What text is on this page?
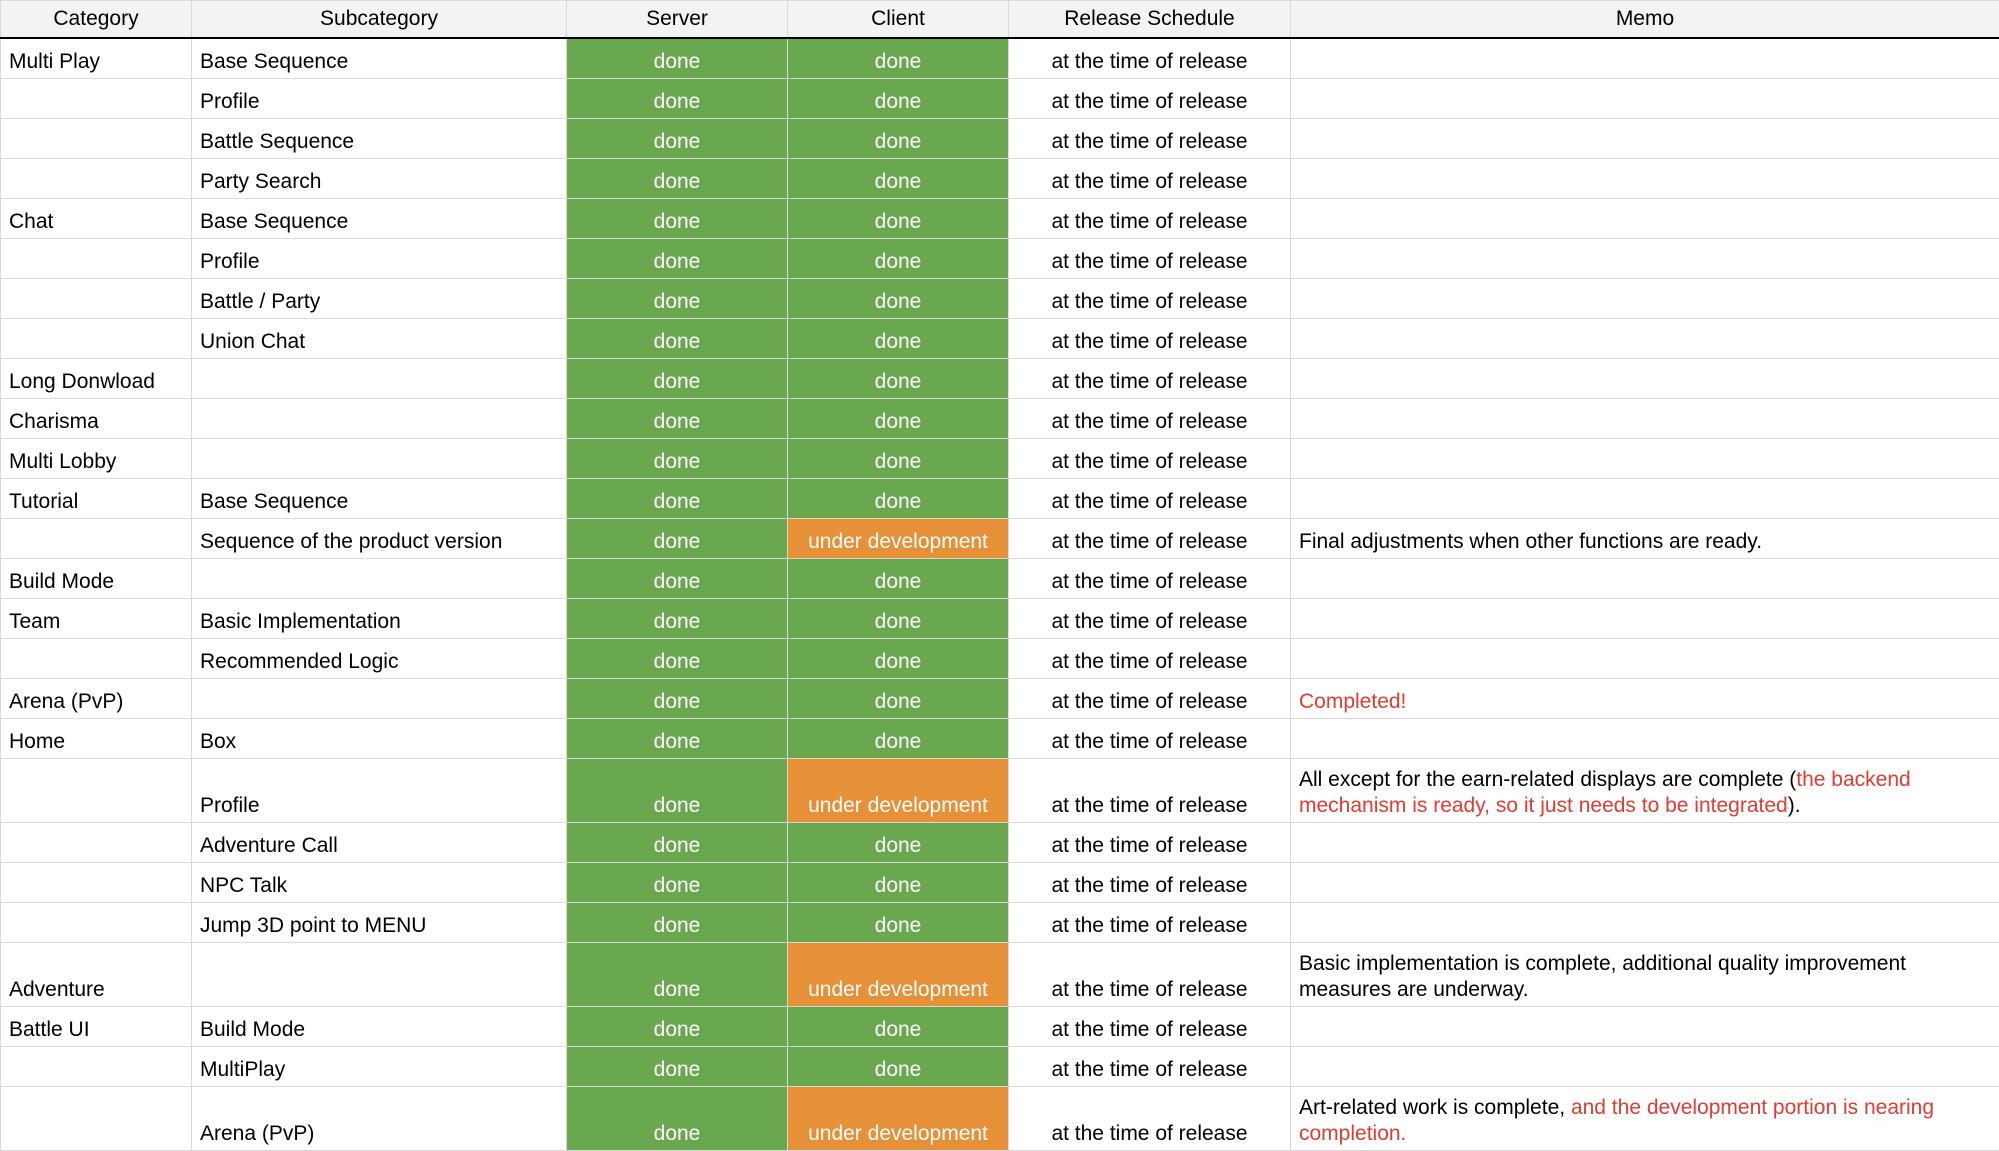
Category	Subcategory	Server	Client	Release Schedule	Memo
Multi Play	Base Sequence	done	done	at the time of release	
	Profile	done	done	at the time of release	
	Battle Sequence	done	done	at the time of release	
	Party Search	done	done	at the time of release	
Chat	Base Sequence	done	done	at the time of release	
	Profile	done	done	at the time of release	
	Battle / Party	done	done	at the time of release	
	Union Chat	done	done	at the time of release	
Long Donwload		done	done	at the time of release	
Charisma		done	done	at the time of release	
Multi Lobby		done	done	at the time of release	
Tutorial	Base Sequence	done	done	at the time of release	
	Sequence of the product version	done	under development	at the time of release	Final adjustments when other functions are ready.
Build Mode		done	done	at the time of release	
Team	Basic Implementation	done	done	at the time of release	
	Recommended Logic	done	done	at the time of release	
Arena (PvP)		done	done	at the time of release	Completed!
Home	Box	done	done	at the time of release	
	Profile	done	under development	at the time of release	All except for the earn-related displays are complete (the backend mechanism is ready, so it just needs to be integrated).
	Adventure Call	done	done	at the time of release	
	NPC Talk	done	done	at the time of release	
	Jump 3D point to MENU	done	done	at the time of release	
Adventure		done	under development	at the time of release	Basic implementation is complete, additional quality improvement measures are underway.
Battle UI	Build Mode	done	done	at the time of release	
	MultiPlay	done	done	at the time of release	
	Arena (PvP)	done	under development	at the time of release	Art-related work is complete, and the development portion is nearing completion.
